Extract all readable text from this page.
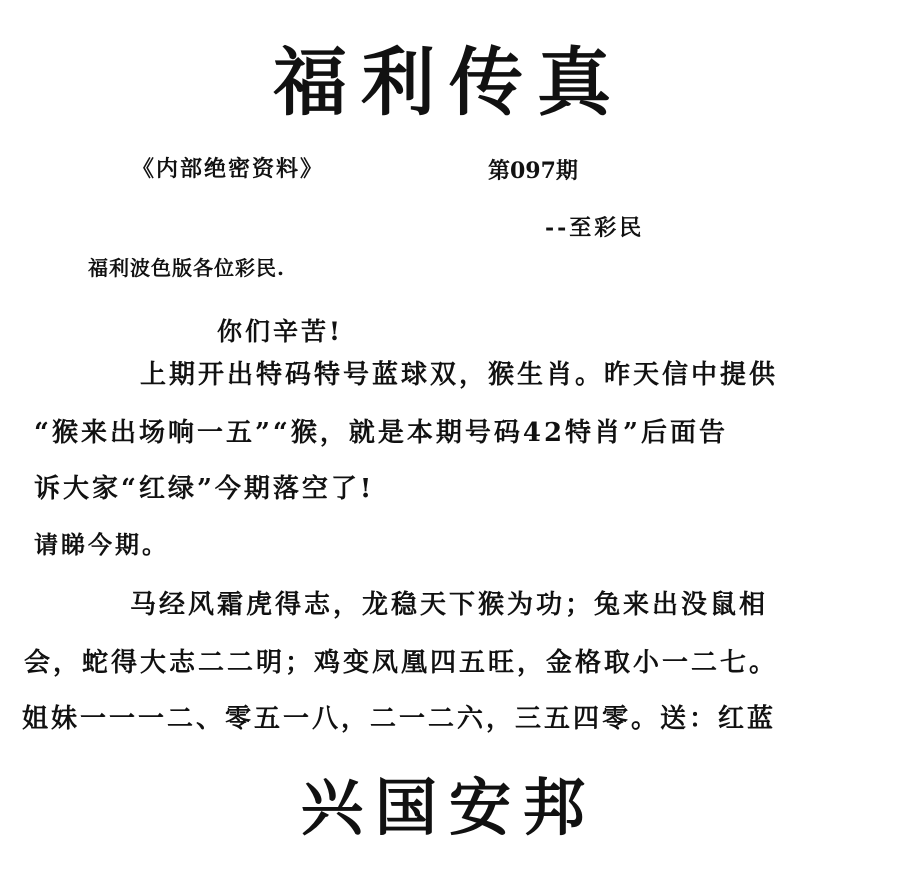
福利传真
《内部绝密资料》	第097期
--至彩民
福利波色版各位彩民.
你们辛苦!
上期开出特码特号蓝球双，猴生肖。昨天信中提供
“猴来出场响一五”“猴，就是本期号码42特肖”后面告
诉大家“红绿”今期落空了!
请睇今期。
马经风霜虎得志，龙稳天下猴为功；兔来出没鼠相
会，蛇得大志二二明；鸡变凤凰四五旺，金格取小一二七。
姐妹一一一二、零五一八，二一二六，三五四零。送：红蓝
兴国安邦
